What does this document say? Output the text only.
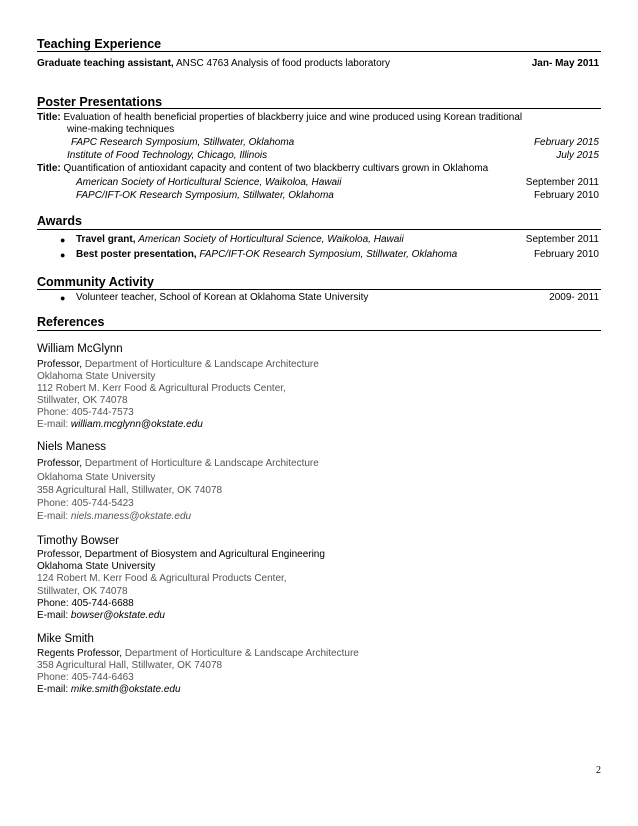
Teaching Experience
Graduate teaching assistant, ANSC 4763 Analysis of food products laboratory	Jan- May 2011
Poster Presentations
Title: Evaluation of health beneficial properties of blackberry juice and wine produced using Korean traditional
wine-making techniques
FAPC Research Symposium, Stillwater, Oklahoma	February 2015
Institute of Food Technology, Chicago, Illinois	July 2015
Title: Quantification of antioxidant capacity and content of two blackberry cultivars grown in Oklahoma
American Society of Horticultural Science, Waikoloa, Hawaii	September 2011
FAPC/IFT-OK Research Symposium, Stillwater, Oklahoma	February 2010
Awards
● Travel grant, American Society of Horticultural Science, Waikoloa, Hawaii	September 2011
● Best poster presentation, FAPC/IFT-OK Research Symposium, Stillwater, Oklahoma	February 2010
Community Activity
● Volunteer teacher, School of Korean at Oklahoma State University	2009- 2011
References
William McGlynn
Professor, Department of Horticulture & Landscape Architecture
Oklahoma State University
112 Robert M. Kerr Food & Agricultural Products Center,
Stillwater, OK 74078
Phone: 405-744-7573
E-mail: william.mcglynn@okstate.edu
Niels Maness
Professor, Department of Horticulture & Landscape Architecture
Oklahoma State University
358 Agricultural Hall, Stillwater, OK 74078
Phone: 405-744-5423
E-mail: niels.maness@okstate.edu
Timothy Bowser
Professor, Department of Biosystem and Agricultural Engineering
Oklahoma State University
124 Robert M. Kerr Food & Agricultural Products Center,
Stillwater, OK 74078
Phone: 405-744-6688
E-mail: bowser@okstate.edu
Mike Smith
Regents Professor, Department of Horticulture & Landscape Architecture
358 Agricultural Hall, Stillwater, OK 74078
Phone: 405-744-6463
E-mail: mike.smith@okstate.edu
2
